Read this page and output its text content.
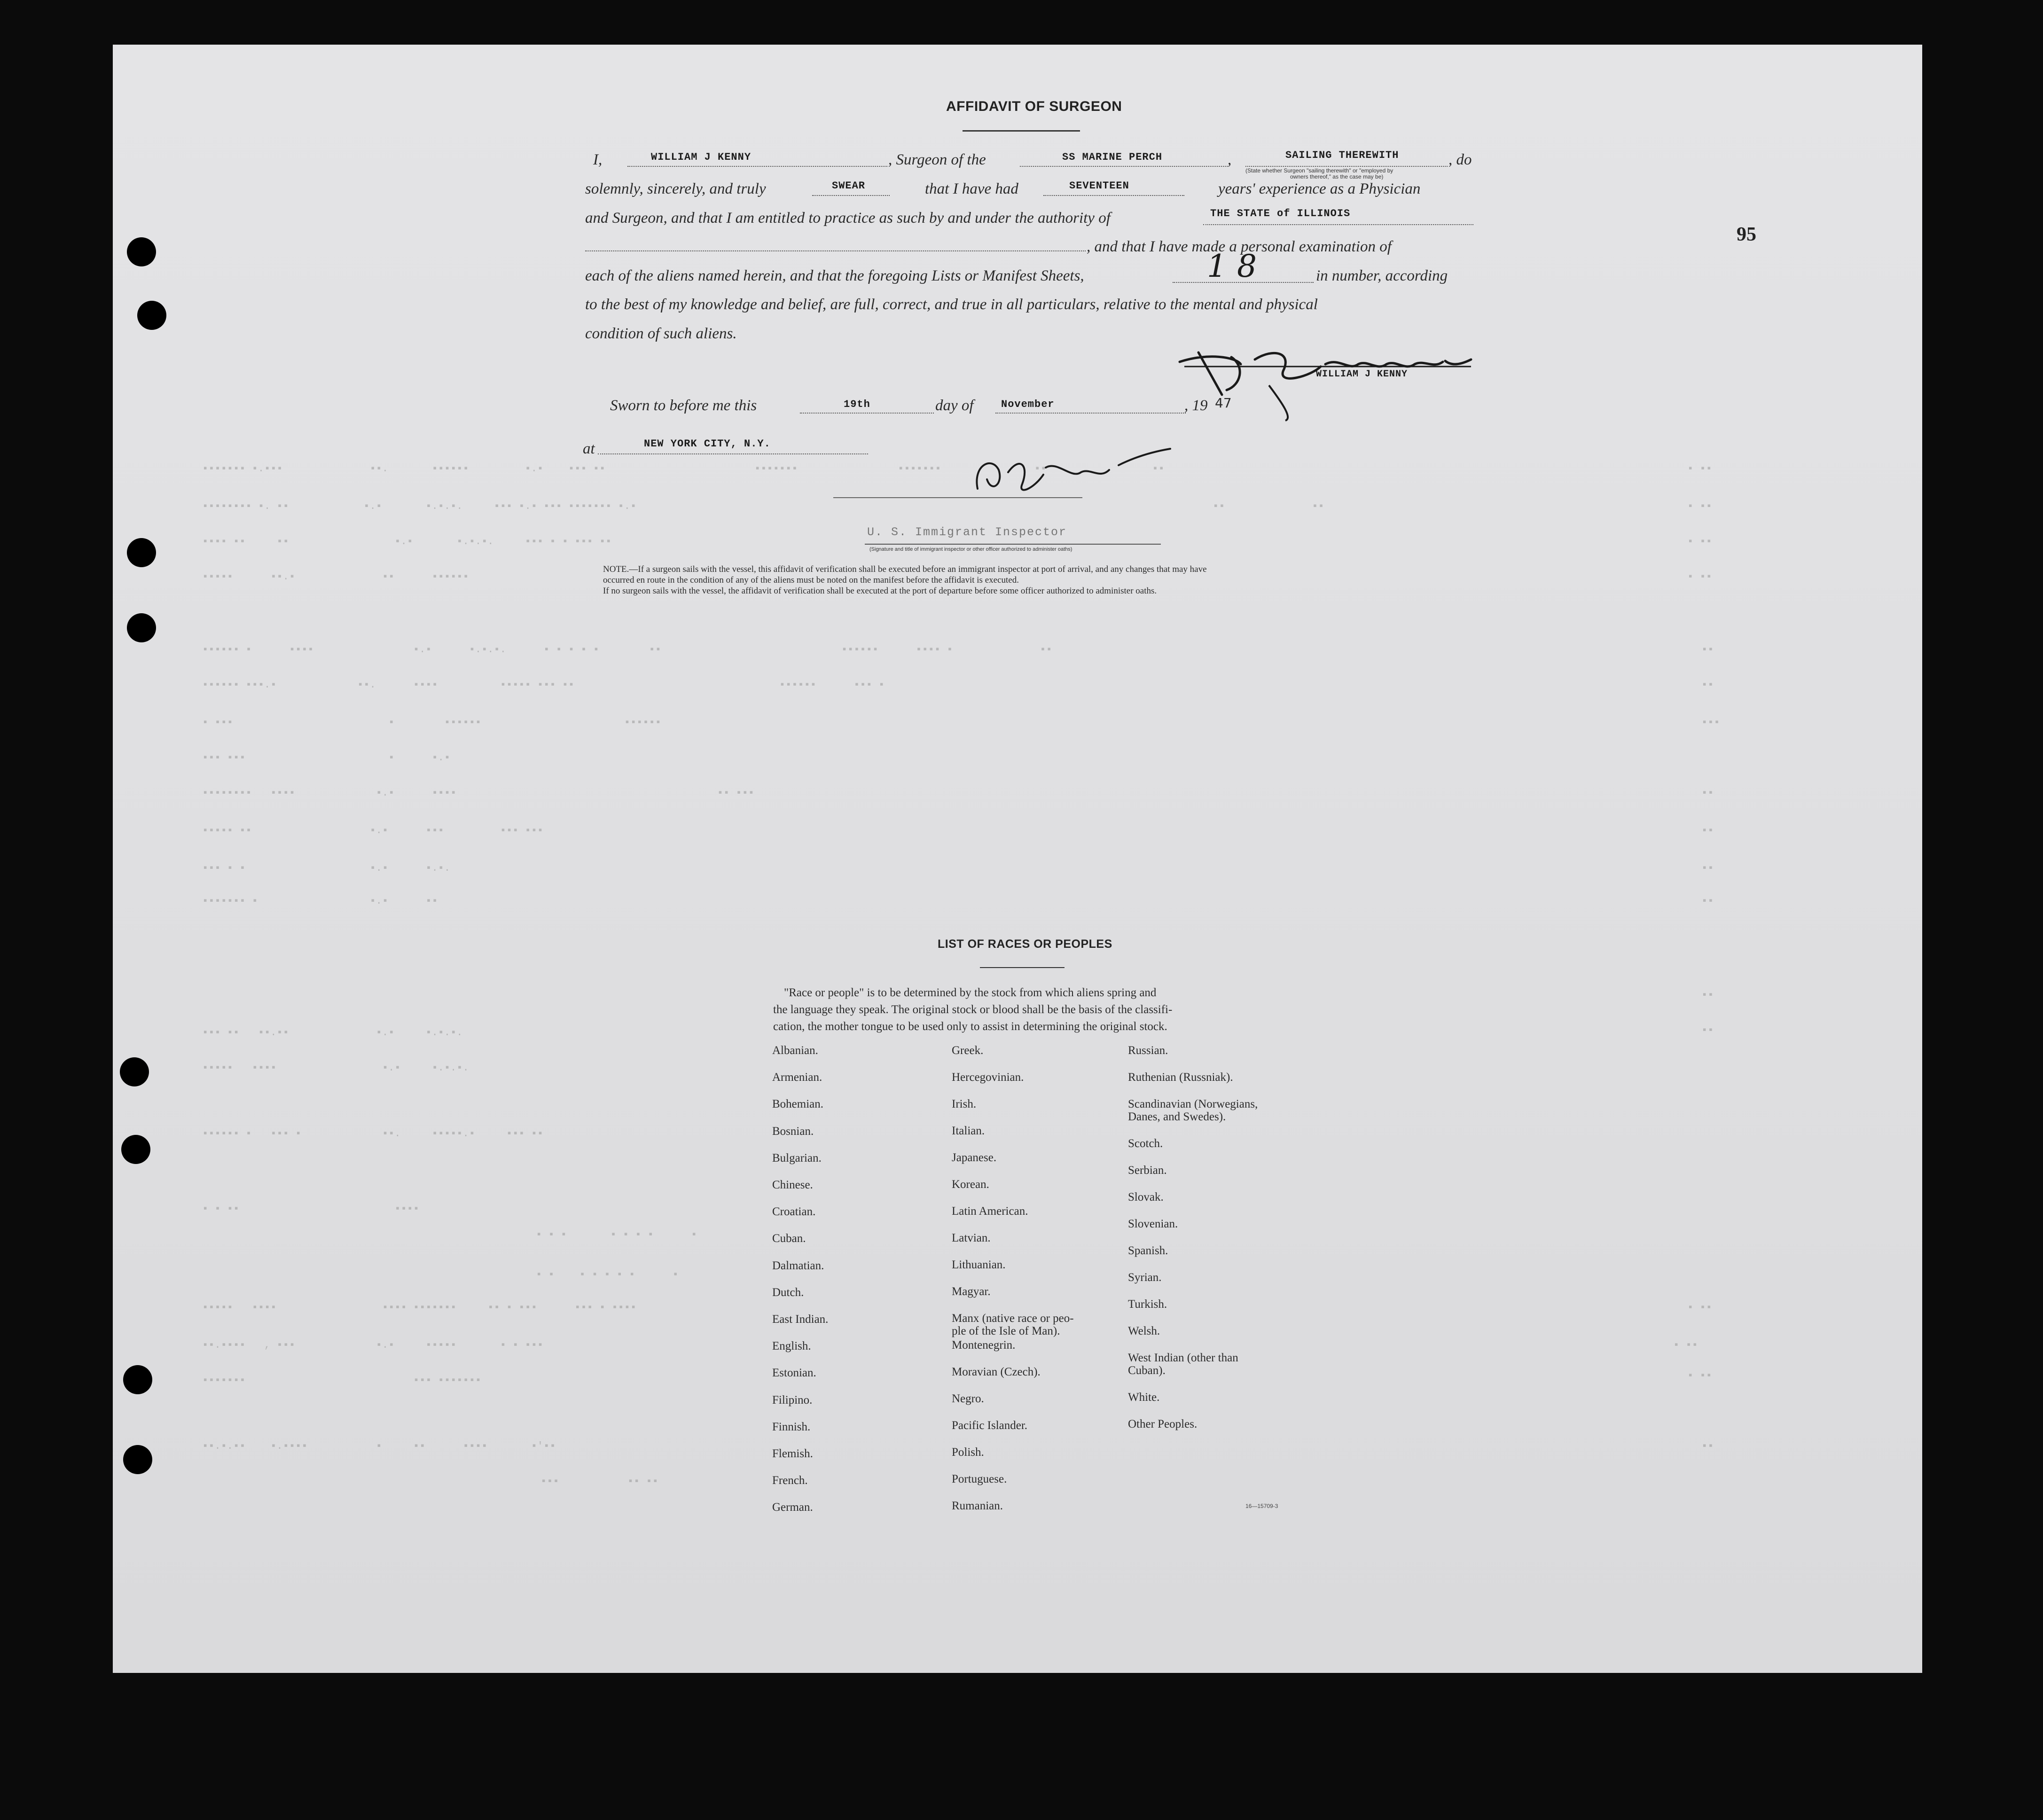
95
▪▪▪▪▪▪▪ ▪.▪▪▪              ▪▪.       ▪▪▪▪▪▪         ▪.▪    ▪▪▪ ▪▪                        ▪▪▪▪▪▪▪
▪▪▪▪▪▪▪▪ ▪. ▪▪            ▪.▪       ▪.▪.▪.     ▪▪▪ ▪.▪ ▪▪▪ ▪▪▪▪▪▪▪ ▪.▪
▪▪▪▪ ▪▪     ▪▪                 ▪.▪       ▪.▪.▪.     ▪▪▪ ▪ ▪ ▪▪▪ ▪▪
▪▪▪▪▪      ▪▪.▪              ▪▪      ▪▪▪▪▪▪
▪▪▪▪▪▪ ▪      ▪▪▪▪                ▪.▪      ▪.▪.▪.      ▪ ▪ ▪ ▪ ▪        ▪▪                             ▪▪▪▪▪▪      ▪▪▪▪ ▪              ▪▪
▪▪▪▪▪▪ ▪▪▪.▪             ▪▪.      ▪▪▪▪          ▪▪▪▪▪ ▪▪▪ ▪▪                                 ▪▪▪▪▪▪      ▪▪▪ ▪
▪ ▪▪▪                         ▪        ▪▪▪▪▪▪                       ▪▪▪▪▪▪
▪▪▪ ▪▪▪                       ▪      ▪.▪
▪▪▪▪▪▪▪▪   ▪▪▪▪             ▪.▪      ▪▪▪▪                                          ▪▪ ▪▪▪
▪▪▪▪▪ ▪▪                   ▪.▪      ▪▪▪         ▪▪▪ ▪▪▪
▪▪▪ ▪ ▪                    ▪.▪      ▪.▪.
▪▪▪▪▪▪▪ ▪                  ▪.▪      ▪▪
▪▪▪ ▪▪   ▪▪.▪▪              ▪.▪     ▪.▪.▪.
▪▪▪▪▪   ▪▪▪▪                 ▪.▪     ▪.▪.▪.
▪▪▪▪▪▪ ▪   ▪▪▪ ▪             ▪▪.     ▪▪▪▪▪.▪     ▪▪▪ ▪▪
▪ ▪ ▪▪                         ▪▪▪▪
▪ ▪ ▪       ▪ ▪ ▪ ▪      ▪
▪ ▪    ▪ ▪ ▪ ▪ ▪      ▪
▪▪▪▪▪   ▪▪▪▪                 ▪▪▪▪ ▪▪▪▪▪▪▪     ▪▪ ▪ ▪▪▪      ▪▪▪ ▪ ▪▪▪▪
▪▪.▪▪▪▪   , ▪▪▪             ▪.▪     ▪▪▪▪▪       ▪ ▪ ▪▪▪
▪▪▪▪▪▪▪                           ▪▪▪ ▪▪▪▪▪▪▪
▪▪.▪.▪▪    ▪.▪▪▪▪           ▪     ▪▪      ▪▪▪▪       ▪'▪▪
▪▪▪           ▪▪ ▪▪
▪▪▪▪▪▪▪               ▪▪                 ▪▪
▪▪              ▪▪
▪ ▪▪
▪ ▪▪
▪ ▪▪
▪ ▪▪
▪▪
▪▪
▪▪▪
▪▪
▪▪
▪▪
▪▪
▪▪
▪▪
▪ ▪▪
▪ ▪▪
▪ ▪▪
▪▪
AFFIDAVIT OF SURGEON
I,	WILLIAM J KENNY	, Surgeon of the	SS MARINE PERCH	,	SAILING THEREWITH	, do
(State whether Surgeon "sailing therewith" or "employed by
owners thereof," as the case may be)
solemnly, sincerely, and truly	SWEAR	that I have had	SEVENTEEN	years' experience as a Physician
and Surgeon, and that I am entitled to practice as such by and under the authority of	THE STATE of ILLINOIS
, and that I have made a personal examination of
each of the aliens named herein, and that the foregoing Lists or Manifest Sheets,	18	in number, according
to the best of my knowledge and belief, are full, correct, and true in all particulars, relative to the mental and physical
condition of such aliens.
WILLIAM J KENNY
Sworn to before me this	19th	day of	November	, 19 47
at	NEW YORK CITY, N.Y.
U. S. Immigrant Inspector
(Signature and title of immigrant inspector or other officer authorized to administer oaths)
NOTE.—If a surgeon sails with the vessel, this affidavit of verification shall be executed before an immigrant inspector at port of arrival, and any changes that may have
occurred en route in the condition of any of the aliens must be noted on the manifest before the affidavit is executed.
If no surgeon sails with the vessel, the affidavit of verification shall be executed at the port of departure before some officer authorized to administer oaths.
LIST OF RACES OR PEOPLES
"Race or people" is to be determined by the stock from which aliens spring and
the language they speak. The original stock or blood shall be the basis of the classifi-
cation, the mother tongue to be used only to assist in determining the original stock.
Albanian.
Armenian.
Bohemian.
Bosnian.
Bulgarian.
Chinese.
Croatian.
Cuban.
Dalmatian.
Dutch.
East Indian.
English.
Estonian.
Filipino.
Finnish.
Flemish.
French.
German.
Greek.
Hercegovinian.
Irish.
Italian.
Japanese.
Korean.
Latin American.
Latvian.
Lithuanian.
Magyar.
Manx (native race or peo-
ple of the Isle of Man).
Montenegrin.
Moravian (Czech).
Negro.
Pacific Islander.
Polish.
Portuguese.
Rumanian.
Russian.
Ruthenian (Russniak).
Scandinavian (Norwegians,
Danes, and Swedes).
Scotch.
Serbian.
Slovak.
Slovenian.
Spanish.
Syrian.
Turkish.
Welsh.
West Indian (other than
Cuban).
White.
Other Peoples.
16—15709-3
